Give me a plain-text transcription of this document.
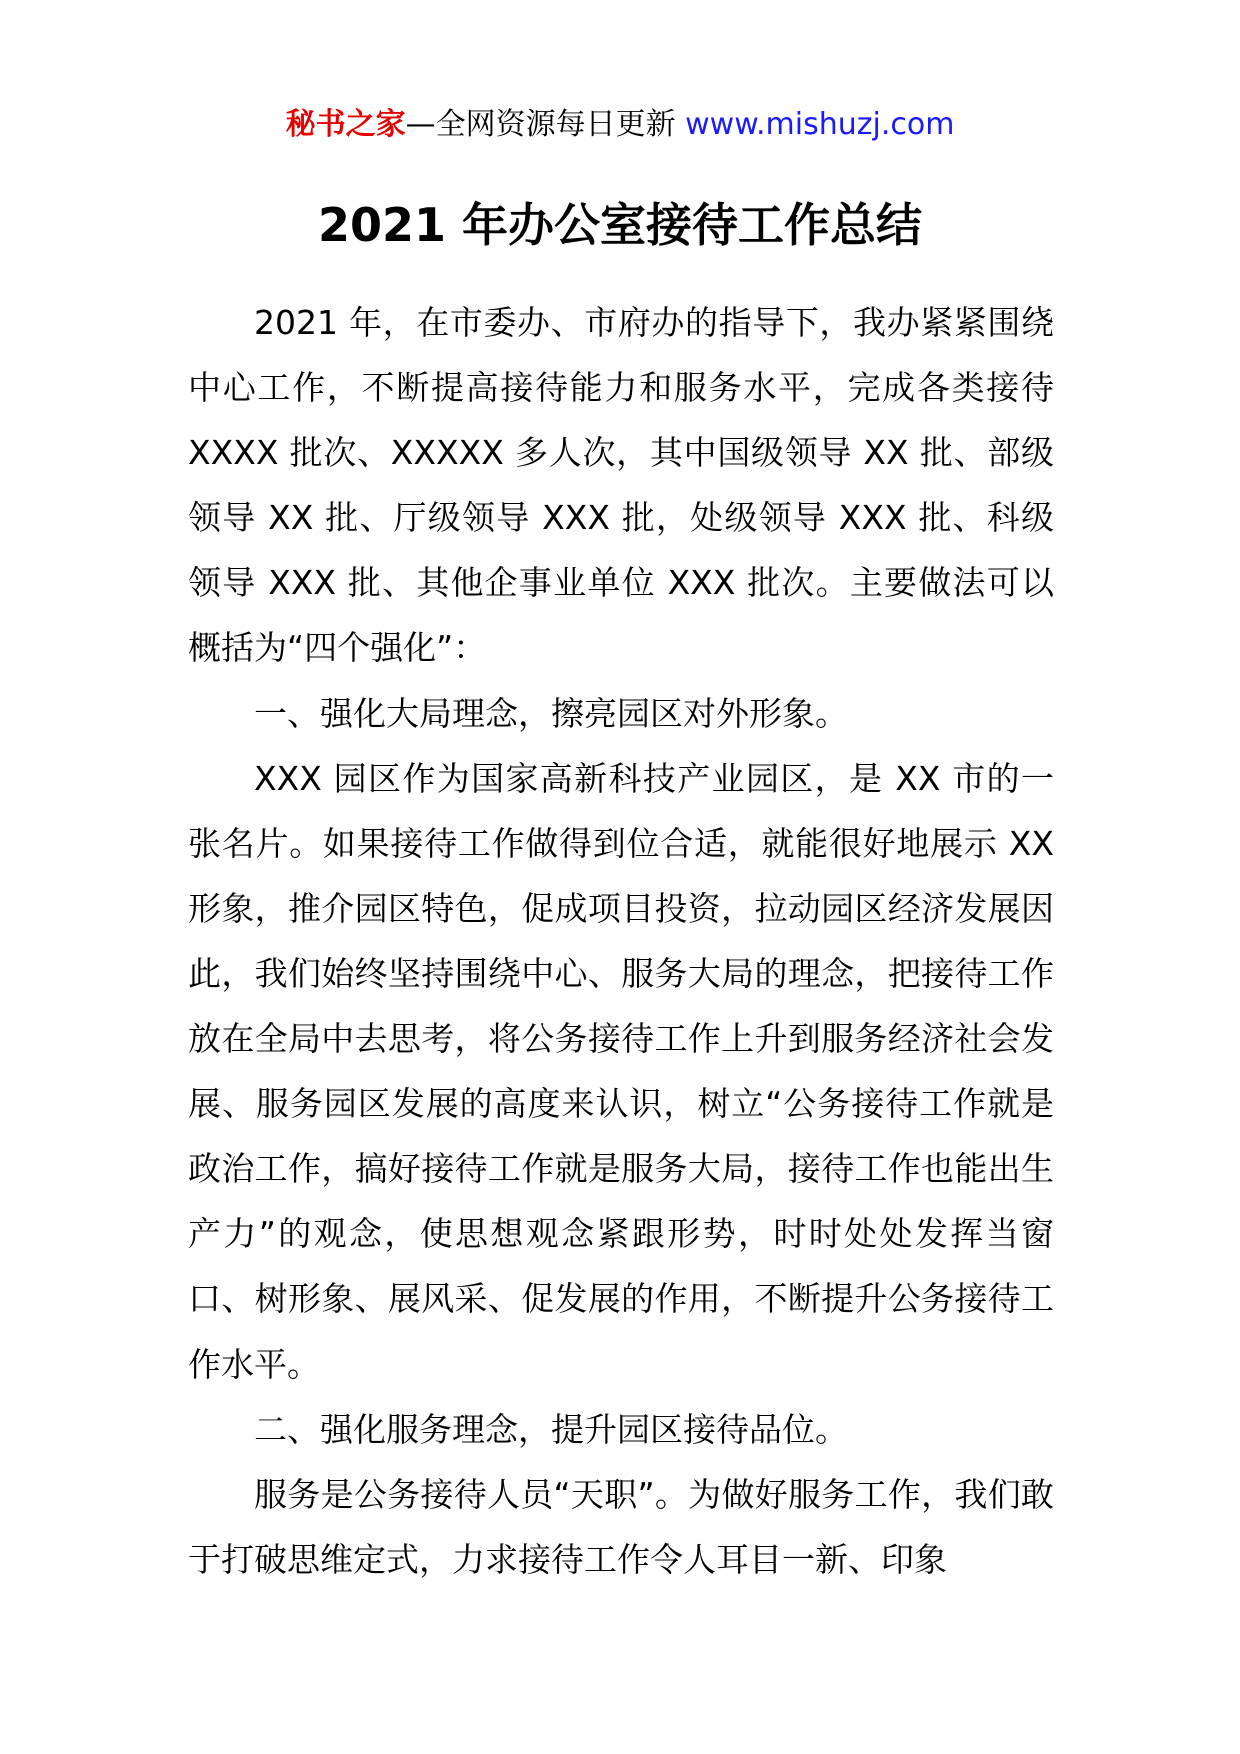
秘书之家—全网资源每日更新 www.mishuzj.com
2021 年办公室接待工作总结

2021 年，在市委办、市府办的指导下，我办紧紧围绕中心工作，不断提高接待能力和服务水平，完成各类接待XXXX 批次、XXXXX 多人次，其中国级领导 XX 批、部级领导 XX 批、厅级领导 XXX 批，处级领导 XXX 批、科级领导 XXX 批、其他企事业单位 XXX 批次。主要做法可以概括为“四个强化”：

一、强化大局理念，擦亮园区对外形象。

XXX 园区作为国家高新科技产业园区，是 XX 市的一张名片。如果接待工作做得到位合适，就能很好地展示 XX 形象，推介园区特色，促成项目投资，拉动园区经济发展因此，我们始终坚持围绕中心、服务大局的理念，把接待工作放在全局中去思考，将公务接待工作上升到服务经济社会发展、服务园区发展的高度来认识，树立“公务接待工作就是政治工作，搞好接待工作就是服务大局，接待工作也能出生产力”的观念，使思想观念紧跟形势，时时处处发挥当窗口、树形象、展风采、促发展的作用，不断提升公务接待工作水平。

二、强化服务理念，提升园区接待品位。

服务是公务接待人员“天职”。为做好服务工作，我们敢于打破思维定式，力求接待工作令人耳目一新、印象
